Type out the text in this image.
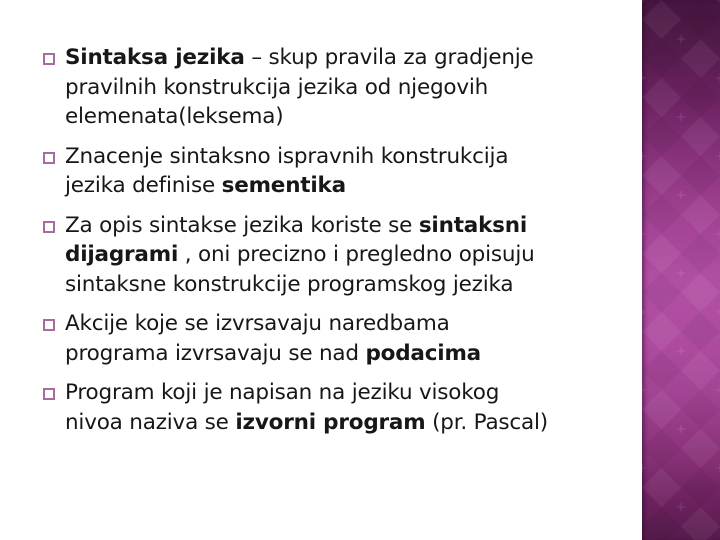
Sintaksa jezika – skup pravila za gradjenje
pravilnih konstrukcija jezika od njegovih
elemenata(leksema)
Znacenje sintaksno ispravnih konstrukcija
jezika definise sementika
Za opis sintakse jezika koriste se sintaksni
dijagrami , oni precizno i pregledno opisuju
sintaksne konstrukcije programskog jezika
Akcije koje se izvrsavaju naredbama
programa izvrsavaju se nad podacima
Program koji je napisan na jeziku visokog
nivoa naziva se izvorni program (pr. Pascal)
